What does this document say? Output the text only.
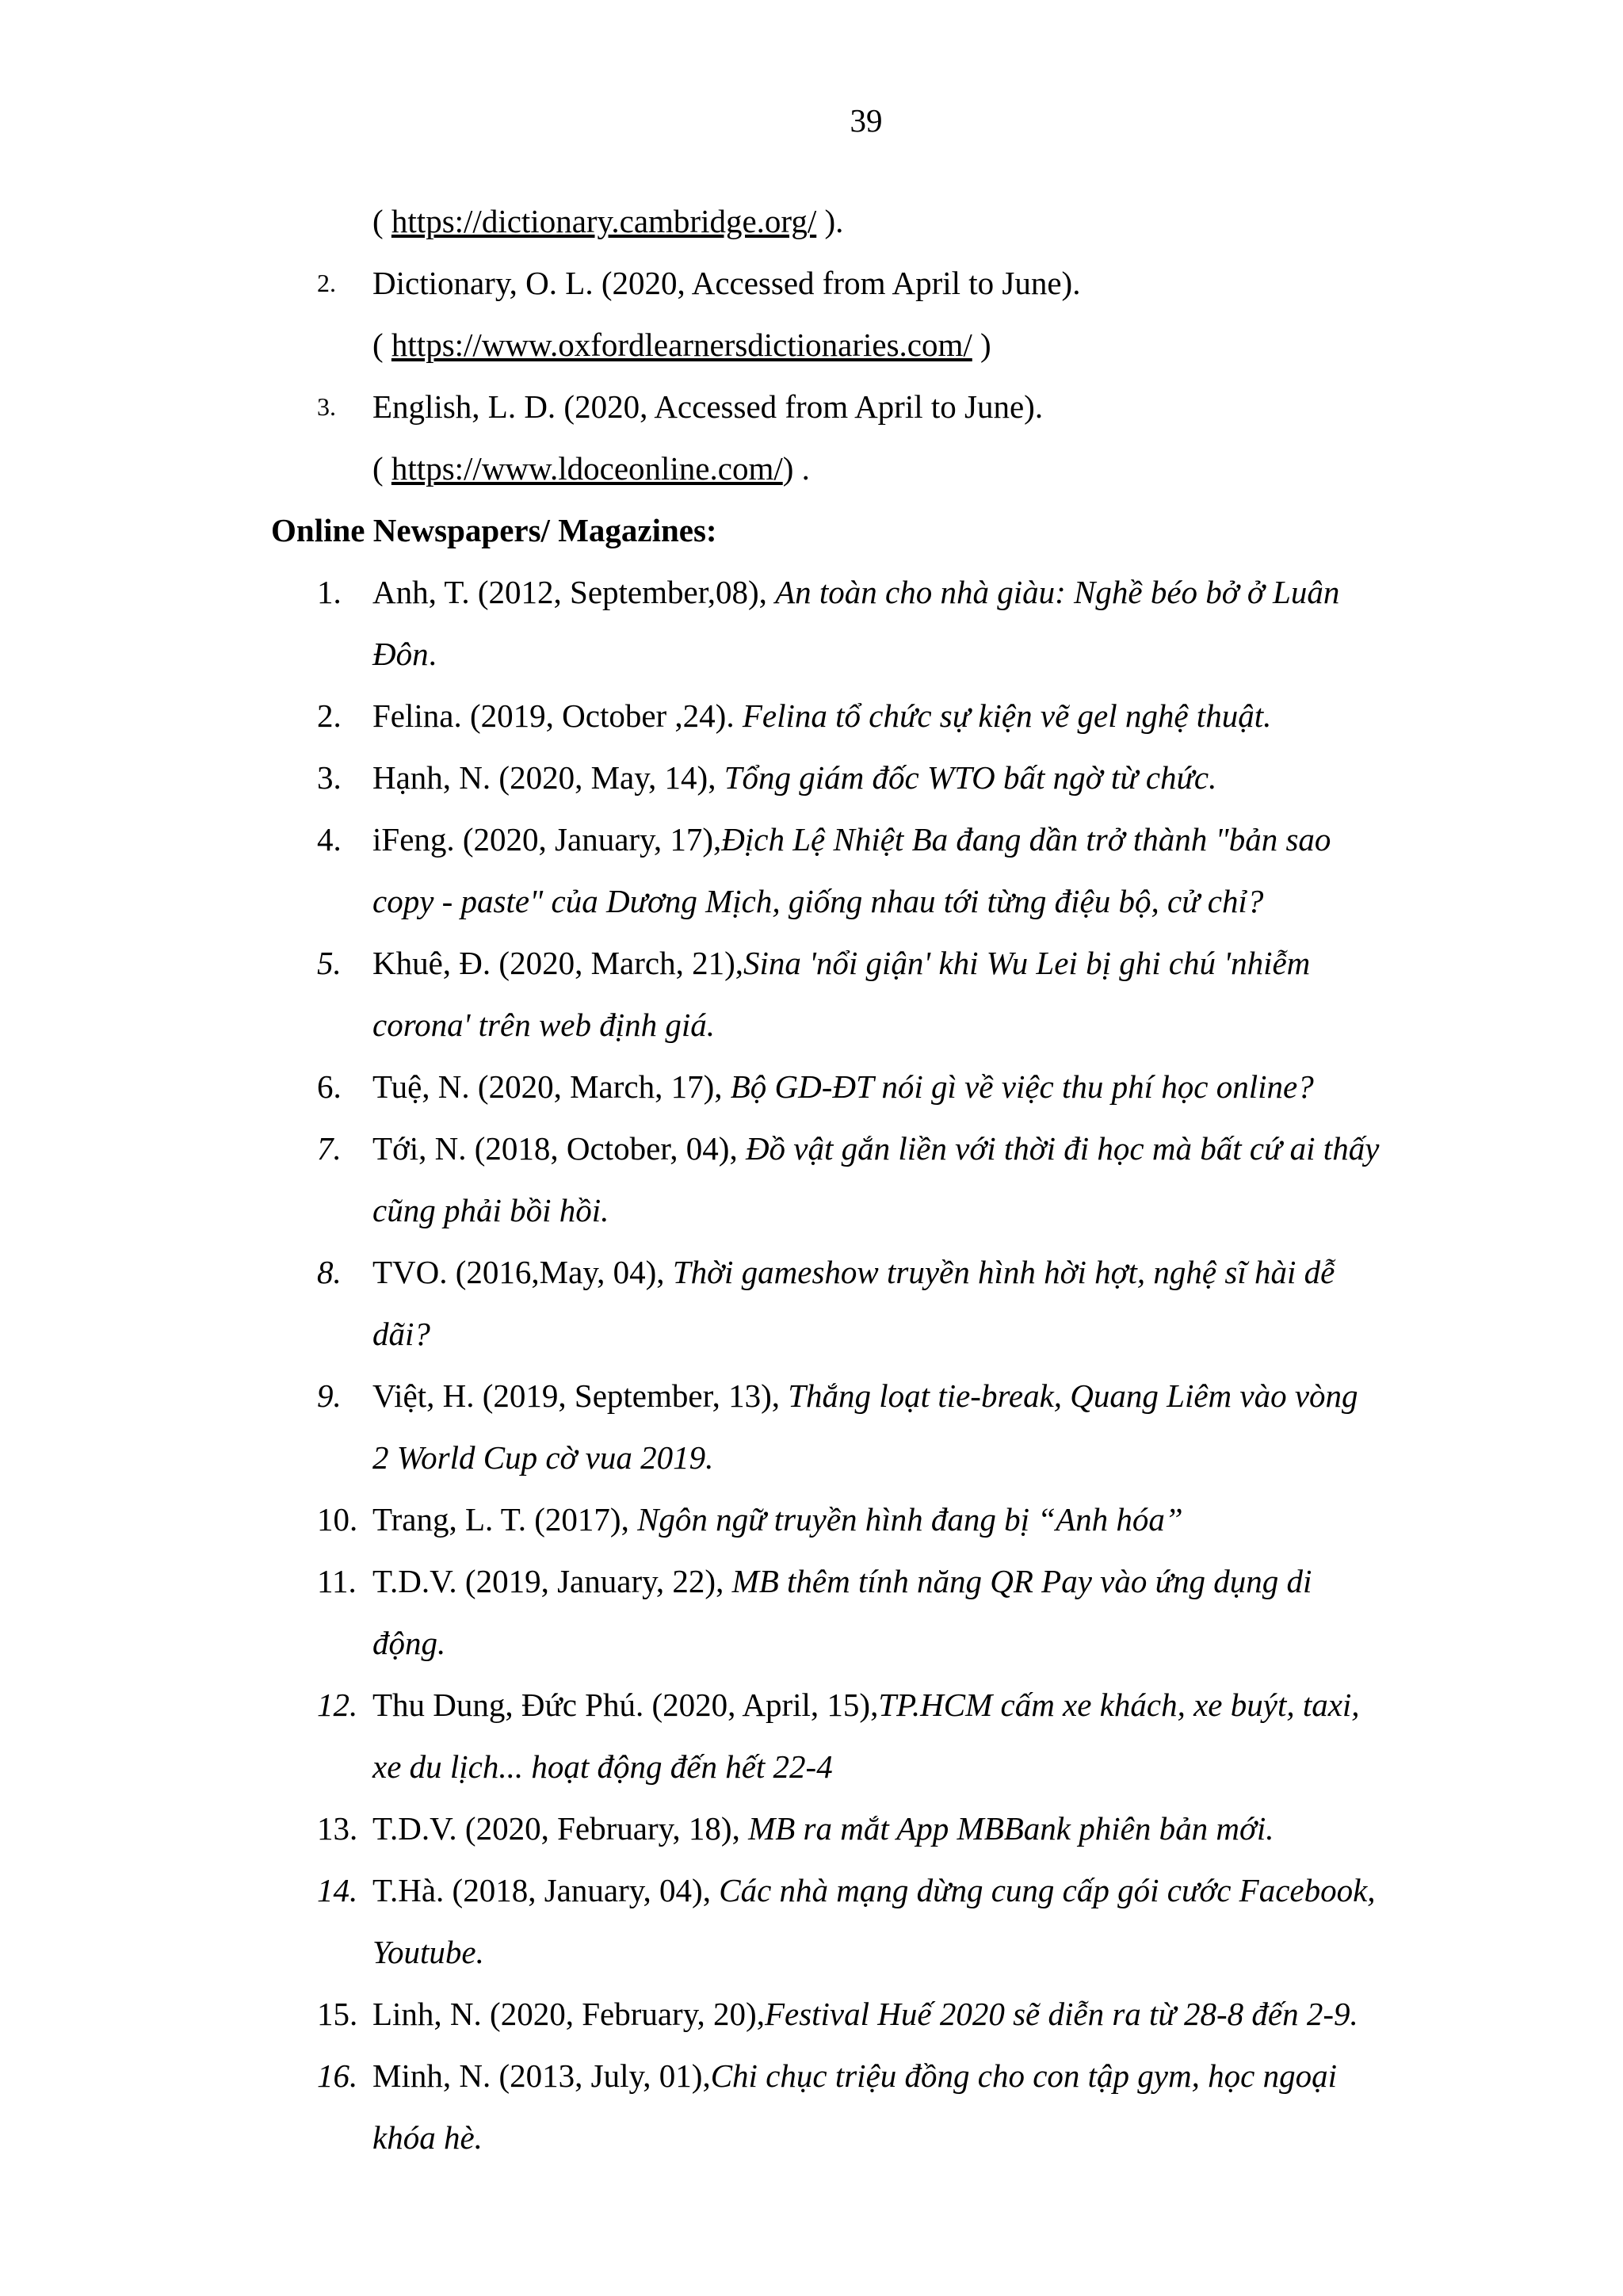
39
( https://dictionary.cambridge.org/ ).
2.	Dictionary, O. L. (2020, Accessed from April to June).
( https://www.oxfordlearnersdictionaries.com/ )
3.	English, L. D. (2020, Accessed from April to June).
( https://www.ldoceonline.com/) .
Online Newspapers/ Magazines:
1. Anh, T. (2012, September,08), An toàn cho nhà giàu: Nghề béo bở ở Luân
Đôn.
2. Felina. (2019, October ,24). Felina tổ chức sự kiện vẽ gel nghệ thuật.
3. Hạnh, N. (2020, May, 14), Tổng giám đốc WTO bất ngờ từ chức.
4. iFeng. (2020, January, 17),Địch Lệ Nhiệt Ba đang dần trở thành "bản sao
copy - paste" của Dương Mịch, giống nhau tới từng điệu bộ, cử chỉ?
5. Khuê, Đ. (2020, March, 21),Sina 'nổi giận' khi Wu Lei bị ghi chú 'nhiễm
corona' trên web định giá.
6. Tuệ, N. (2020, March, 17), Bộ GD-ĐT nói gì về việc thu phí học online?
7. Tới, N. (2018, October, 04), Đồ vật gắn liền với thời đi học mà bất cứ ai thấy
cũng phải bồi hồi.
8. TVO. (2016,May, 04), Thời gameshow truyền hình hời hợt, nghệ sĩ hài dễ
dãi?
9. Việt, H. (2019, September, 13), Thắng loạt tie-break, Quang Liêm vào vòng
2 World Cup cờ vua 2019.
10. Trang, L. T. (2017), Ngôn ngữ truyền hình đang bị “Anh hóa”
11. T.D.V. (2019, January, 22), MB thêm tính năng QR Pay vào ứng dụng di
động.
12. Thu Dung, Đức Phú. (2020, April, 15),TP.HCM cấm xe khách, xe buýt, taxi,
xe du lịch... hoạt động đến hết 22-4
13. T.D.V. (2020, February, 18), MB ra mắt App MBBank phiên bản mới.
14. T.Hà. (2018, January, 04), Các nhà mạng dừng cung cấp gói cước Facebook,
Youtube.
15. Linh, N. (2020, February, 20),Festival Huế 2020 sẽ diễn ra từ 28-8 đến 2-9.
16. Minh, N. (2013, July, 01),Chi chục triệu đồng cho con tập gym, học ngoại
khóa hè.
